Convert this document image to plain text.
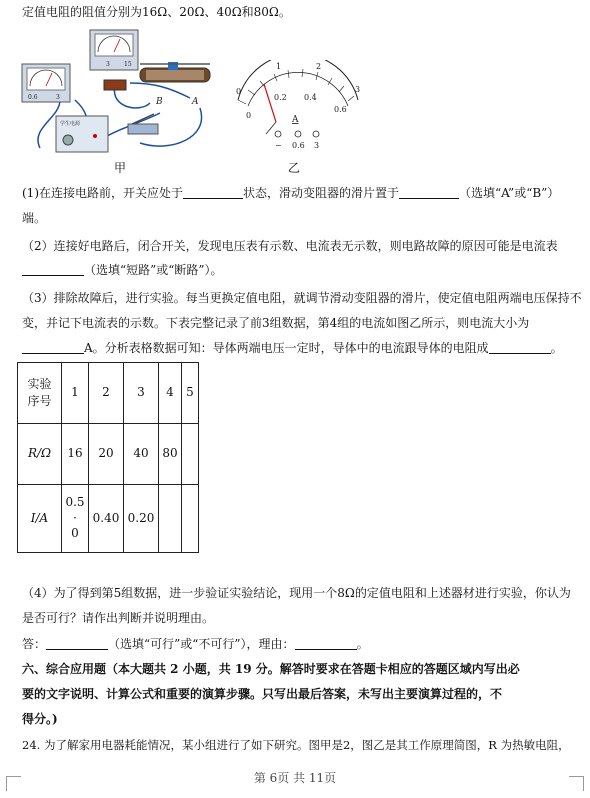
定值电阻的阻值分别为16Ω、20Ω、40Ω和80Ω。
0.6	3
3 15
B	A
学生电源
甲
0
1	2
3
0
0.2 0.4
0.6
A
− 0.6 3
乙
(1)在连接电路前，开关应处于	状态，滑动变阻器的滑片置于	（选填“A”或“B”）
端。
（2）连接好电路后，闭合开关，发现电压表有示数、电流表无示数，则电路故障的原因可能是电流表
（选填“短路”或“断路”）。
（3）排除故障后，进行实验。每当更换定值电阻，就调节滑动变阻器的滑片，使定值电阻两端电压保持不
变，并记下电流表的示数。下表完整记录了前3组数据，第4组的电流如图乙所示，则电流大小为
A。分析表格数据可知：导体两端电压一定时，导体中的电流跟导体的电阻成	。
实验
序号	1	2	3	4	5
R/Ω	16	20	40	80	
I/A	0.5
·
0	0.40	0.20		
（4）为了得到第5组数据，进一步验证实验结论，现用一个8Ω的定值电阻和上述器材进行实验，你认为
是否可行？请作出判断并说明理由。
答：	（选填“可行”或“不可行”），理由：	。
六、综合应用题（本大题共 2 小题，共 19 分。解答时要求在答题卡相应的答题区域内写出必
要的文字说明、计算公式和重要的演算步骤。只写出最后答案，未写出主要演算过程的，不
得分。)
24. 为了解家用电器耗能情况，某小组进行了如下研究。图甲是2，图乙是其工作原理简图，R 为热敏电阻，
第 6页 共 11页
